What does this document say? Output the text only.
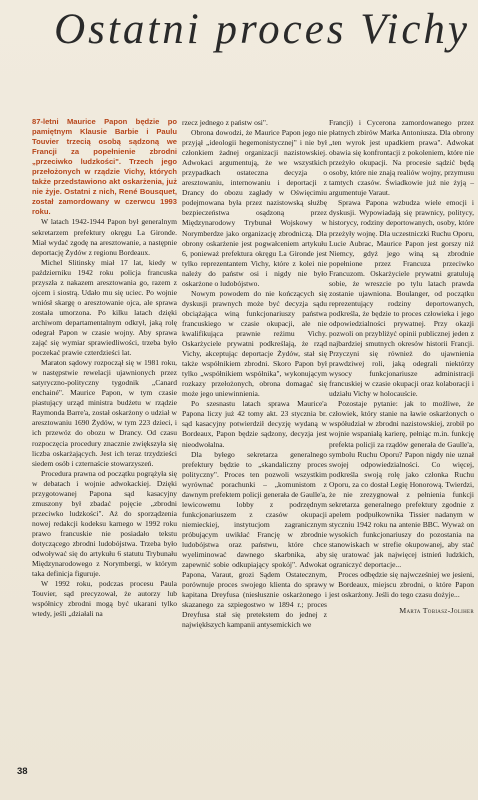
Ostatni proces Vichy

87-letni Maurice Papon będzie po pamiętnym Klausie Barbie i Paulu Touvier trzecią osobą sądzoną we Francji za popełnienie zbrodni „przeciwko ludzkości". Trzech jego przełożonych w rządzie Vichy, których także przedstawiono akt oskarżenia, już nie żyje. Ostatni z nich, René Bousquet, został zamordowany w czerwcu 1993 roku.

W latach 1942-1944 Papon był generalnym sekretarzem prefektury okręgu La Gironde. Miał wydać zgodę na aresztowanie, a następnie deportację Żydów z regionu Bordeaux.

Michel Slitinsky miał 17 lat, kiedy w październiku 1942 roku policja francuska przyszła z nakazem aresztowania go, razem z ojcem i siostrą. Udało mu się uciec. Po wojnie wniósł skargę o aresztowanie ojca, ale sprawa została umorzona. Po kilku latach dzięki archiwom departamentalnym odkrył, jaką rolę odegrał Papon w czasie wojny. Aby sprawa zająć się wymiar sprawiedliwości, trzeba było poczekać prawie czterdzieści lat.

Maraton sądowy rozpoczął się w 1981 roku, w następstwie rewelacji ujawnionych przez satyryczno-polityczny tygodnik „Canard enchainé". Maurice Papon, w tym czasie piastujący urząd ministra budżetu w rządzie Raymonda Barre'a, został oskarżony o udział w aresztowaniu 1690 Żydów, w tym 223 dzieci, i ich przewóz do obozu w Drancy. Od czasu rozpoczęcia procedury znacznie zwiększyła się liczba oskarżających. Jest ich teraz trzydzieści siedem osób i czternaście stowarzyszeń.

Procedura prawna od początku pogrążyła się w debatach i wojnie adwokackiej. Dzięki przygotowanej Papona sąd kasacyjny zmuszony był zbadać pojęcie „zbrodni przeciwko ludzkości". Aż do sporządzenia nowej redakcji kodeksu karnego w 1992 roku prawo francuskie nie posiadało tekstu dotyczącego zbrodni ludobójstwa. Trzeba było odwoływać się do artykułu 6 statutu Trybunału Międzynarodowego z Norymbergi, w którym taka definicja figuruje.

W 1992 roku, podczas procesu Paula Touvier, sąd precyzował, że autorzy lub współnicy zbrodni mogą być ukarani tylko wtedy, jeśli „działali na

rzecz jednego z państw osi".

Obrona dowodzi, że Maurice Papon jego nie przyjął „ideologii hegemonistycznej" i nie był członkiem żadnej organizacji nazistowskiej. Adwokaci argumentują, że we wszystkich przypadkach ostateczna decyzja o aresztowaniu, internowaniu i deportacji z Drancy do obozu zagłady w Oświęcimiu podejmowana była przez nazistowską służbę bezpieczeństwa osądzoną przez Międzynarodowy Trybunał Wojskowy w Norymberdze jako organizację zbrodniczą. Dla obrony oskarżenie jest pogwałceniem artykułu 6, ponieważ prefektura okręgu La Gironde jest tylko reprezentantem Vichy, które z kolei nie należy do państw osi i nigdy nie było oskarżone o ludobójstwo.

Nowym powodem do nie kończących się dyskusji prawnych może być decyzja sądu obciążająca winą funkcjonariuszy państwa francuskiego w czasie okupacji, ale nie kwalifikująca prawnie reżimu Vichy. Oskarżycielе prywatni podkreślają, że rząd Vichy, akceptując deportacje Żydów, stał się także współnikiem zbrodni. Skoro Papon był tylko „współnikiem współnika", wykonującym rozkazy przełożonych, obrona domagać się może jego uniewinnienia.

Po szesnastu latach sprawa Maurice'a Papona liczy już 42 tomy akt. 23 stycznia br. sąd kasacyjny potwierdził decyzję wydaną w Bordeaux, Papon będzie sądzony, decyzja jest nieodwołalna.

Dla byłego sekretarza generalnego prefektury będzie to „skandaliczny proces polityczny". Proces ten pozwoli wszystkim wyrównać porachunki – „komunistom z dawnym prefektem policji generała de Gaulle'a, lewicowemu lobby z podrzędnym funkcjonariuszem z czasów okupacji niemieckiej, instytucjom zagranicznym próbującym uwikłać Francję w zbrodnie ludobójstwa oraz państwu, które chce wyeliminować dawnego skarbnika, aby zapewnić sobie odkupiający spokój". Adwokat Papona, Varaut, grozi Sądem Ostatecznym, porównuje proces swojego klienta do sprawy kapitana Dreyfusa (niesłusznie oskarżonego i skazanego za szpiegostwo w 1894 r.; proces Dreyfusa stał się pretekstem do jednej z najwiękłszych kampanii antysemickich we

Francji) i Cycerona zamordowanego przez płatnych zbirów Marka Antoniusza. Dla obrony „ten wyrok jest upadkiem prawa". Adwokat obawia się konfrontacji z pokoleniem, które nie przeżyło okupacji. Na procesie sądzić będą osoby, które nie znają realiów wojny, przymusu tamtych czasów. Świadkowie już nie żyją – argumentuje Varaut.

Sprawa Papona wzbudza wiele emocji i dyskusji. Wypowiadają się prawnicy, politycy, historycy, rodziny deportowanych, osoby, które przeżyły wojnę. Dla uczestniczki Ruchu Oporu, Lucie Aubrac, Maurice Papon jest gorszy niż Niemcy, gdyż jego winą są zbrodnie popełnione przez Francuza przeciwko Francuzom. Oskarżyciele prywatni gratulują sobie, że wreszcie po tylu latach prawda zostanie ujawniona. Boulanger, od początku reprezentujący rodziny deportowanych, podkreśla, że będzie to proces człowieka i jego odpowiedzialności prywatnej. Przy okazji pozwoli on przybliżyć opinii publicznej jeden z najbardziej smutnych okresów historii Francji. Przyczyni się również do ujawnienia prawdziwej roli, jaką odegrali niektórzy wysocy funkcjonariusze administracji francuskiej w czasie okupacji oraz kolaboracji i udziału Vichy w holocauście.

Pozostaje pytanie: jak to możliwe, że człowiek, który stanie na ławie oskarżonych o współudział w zbrodni nazistowskiej, zrobił po wojnie wspaniałą karierę, pełniąc m.in. funkcję prefekta policji za rządów generała de Gaulle'a, symbolu Ruchu Oporu? Papon nigdy nie uznał swojej odpowiedzialności. Co więcej, podkreśla swoją rolę jako członka Ruchu Oporu, za co dostał Legię Honorową. Twierdzi, że nie zrezygnował z pełnienia funkcji sekretarza generalnego prefektury zgodnie z apelem podpułkownika Tissier nadanym w styczniu 1942 roku na antenie BBC. Wyważ on wysokich funkcjonariuszy do pozostania na stanowiskach w strefie okupowanej, aby stać się uratować jak najwięcej istnień ludzkich, ograniczyć deportacje...

Proces odbędzie się najwcześniej we jesieni, w Bordeaux, miejscu zbrodni, o które Papon jest oskarżony. Jeśli do tego czasu dożyje...

Marta Tobiasz-Joliher

38
